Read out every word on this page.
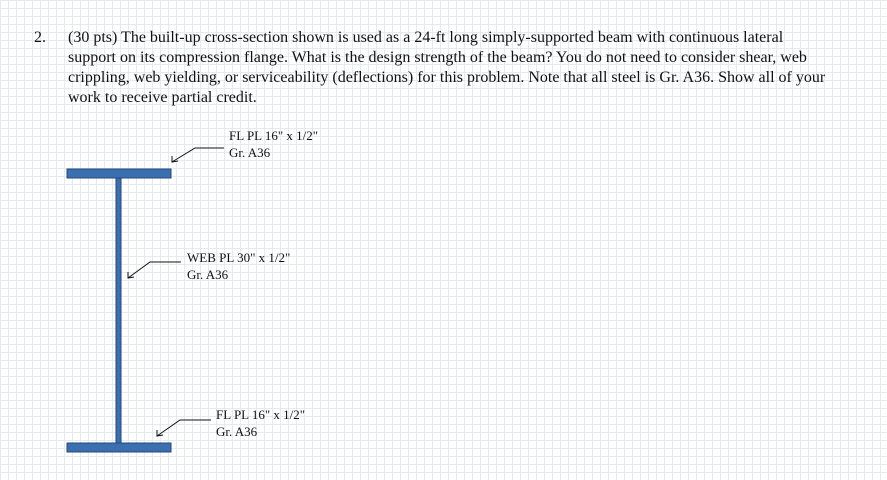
2. (30 pts) The built-up cross-section shown is used as a 24-ft long simply-supported beam with continuous lateral support on its compression flange. What is the design strength of the beam? You do not need to consider shear, web crippling, web yielding, or serviceability (deflections) for this problem. Note that all steel is Gr. A36. Show all of your work to receive partial credit.
FL PL 16" x 1/2"
Gr. A36
WEB PL 30" x 1/2"
Gr. A36
FL PL 16" x 1/2"
Gr. A36
